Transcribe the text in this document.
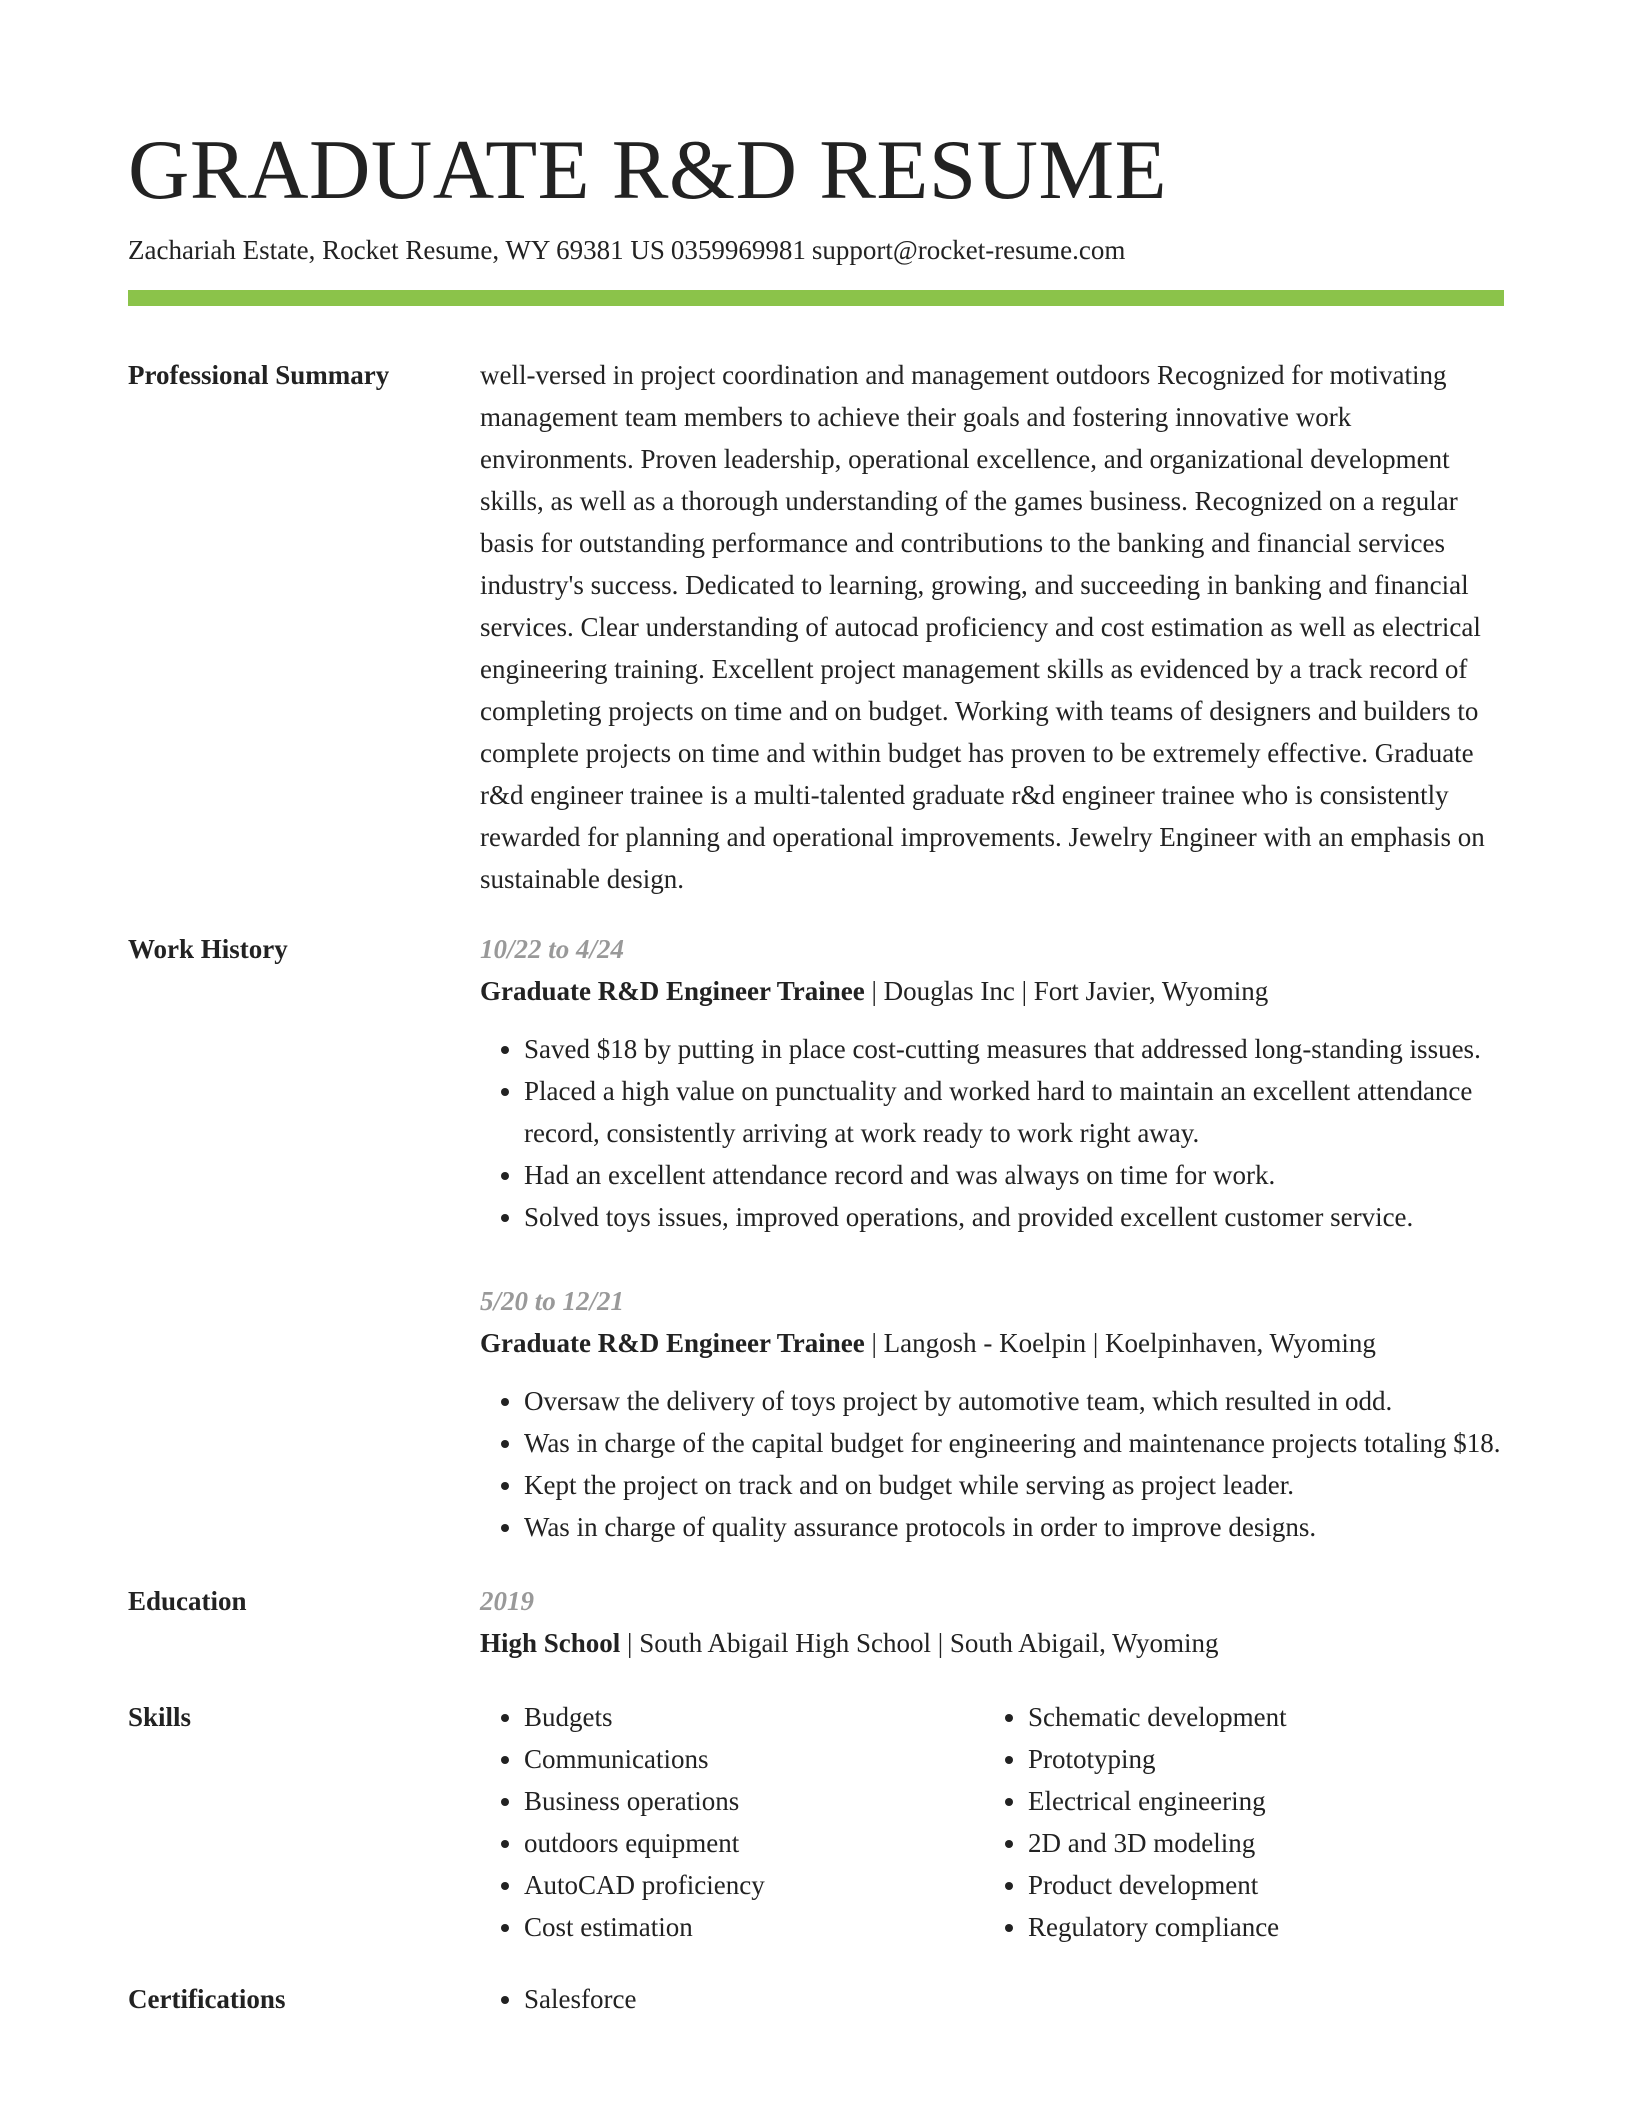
GRADUATE R&D RESUME
Zachariah Estate, Rocket Resume, WY 69381 US 0359969981 support@rocket-resume.com
Professional Summary	well-versed in project coordination and management outdoors Recognized for motivating management team members to achieve their goals and fostering innovative work environments. Proven leadership, operational excellence, and organizational development skills, as well as a thorough understanding of the games business. Recognized on a regular basis for outstanding performance and contributions to the banking and financial services industry's success. Dedicated to learning, growing, and succeeding in banking and financial services. Clear understanding of autocad proficiency and cost estimation as well as electrical engineering training. Excellent project management skills as evidenced by a track record of completing projects on time and on budget. Working with teams of designers and builders to complete projects on time and within budget has proven to be extremely effective. Graduate r&d engineer trainee is a multi-talented graduate r&d engineer trainee who is consistently rewarded for planning and operational improvements. Jewelry Engineer with an emphasis on sustainable design.

Work History	10/22 to 4/24
Graduate R&D Engineer Trainee | Douglas Inc | Fort Javier, Wyoming
• Saved $18 by putting in place cost-cutting measures that addressed long-standing issues.
• Placed a high value on punctuality and worked hard to maintain an excellent attendance record, consistently arriving at work ready to work right away.
• Had an excellent attendance record and was always on time for work.
• Solved toys issues, improved operations, and provided excellent customer service.
5/20 to 12/21
Graduate R&D Engineer Trainee | Langosh - Koelpin | Koelpinhaven, Wyoming
• Oversaw the delivery of toys project by automotive team, which resulted in odd.
• Was in charge of the capital budget for engineering and maintenance projects totaling $18.
• Kept the project on track and on budget while serving as project leader.
• Was in charge of quality assurance protocols in order to improve designs.
Education	2019
High School | South Abigail High School | South Abigail, Wyoming
Skills	• Budgets
• Communications
• Business operations
• outdoors equipment
• AutoCAD proficiency
• Cost estimation
• Schematic development
• Prototyping
• Electrical engineering
• 2D and 3D modeling
• Product development
• Regulatory compliance
Certifications	• Salesforce
